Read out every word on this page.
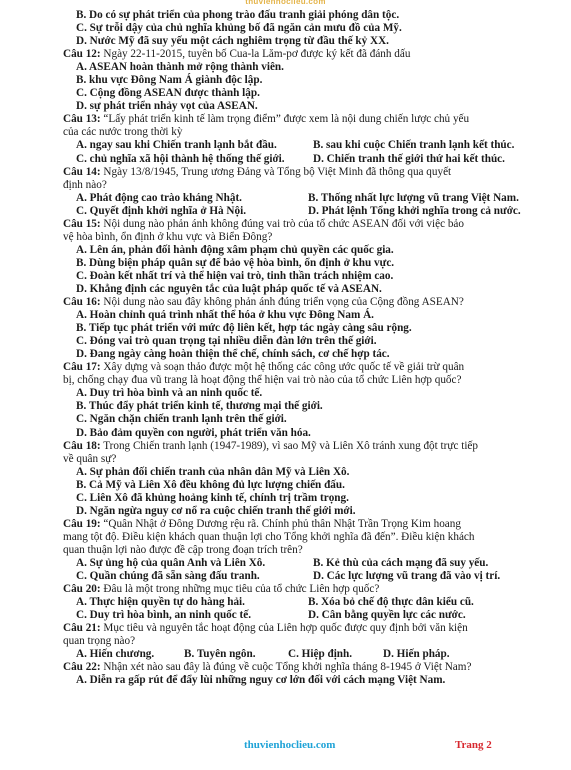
thuvienhoclieu.com
B. Do có sự phát triển của phong trào đấu tranh giải phóng dân tộc.
C. Sự trỗi dậy của chủ nghĩa khủng bố đã ngăn cản mưu đồ của Mỹ.
D. Nước Mỹ đã suy yếu một cách nghiêm trọng từ đầu thế kỷ XX.
Câu 12: Ngày 22-11-2015, tuyên bố Cua-la Lăm-pơ được ký kết đã đánh dấu
A. ASEAN hoàn thành mở rộng thành viên.
B. khu vực Đông Nam Á giành độc lập.
C. Cộng đồng ASEAN được thành lập.
D. sự phát triển nhảy vọt của ASEAN.
Câu 13: “Lấy phát triển kinh tế làm trọng điểm” được xem là nội dung chiến lược chủ yếu
của các nước trong thời kỳ
A. ngay sau khi Chiến tranh lạnh bắt đầu.	B. sau khi cuộc Chiến tranh lạnh kết thúc.
C. chủ nghĩa xã hội thành hệ thống thế giới.	D. Chiến tranh thế giới thứ hai kết thúc.
Câu 14: Ngày 13/8/1945, Trung ương Đảng và Tổng bộ Việt Minh đã thông qua quyết
định nào?
A. Phát động cao trào kháng Nhật.	B. Thống nhất lực lượng vũ trang Việt Nam.
C. Quyết định khởi nghĩa ở Hà Nội.	D. Phát lệnh Tổng khởi nghĩa trong cả nước.
Câu 15: Nội dung nào phản ánh không đúng vai trò của tổ chức ASEAN đối với việc bảo
vệ hòa bình, ổn định ở khu vực và Biển Đông?
A. Lên án, phản đối hành động xâm phạm chủ quyền các quốc gia.
B. Dùng biện pháp quân sự để bảo vệ hòa bình, ổn định ở khu vực.
C. Đoàn kết nhất trí và thể hiện vai trò, tinh thần trách nhiệm cao.
D. Khẳng định các nguyên tắc của luật pháp quốc tế và ASEAN.
Câu 16: Nội dung nào sau đây không phản ánh đúng triển vọng của Cộng đồng ASEAN?
A. Hoàn chỉnh quá trình nhất thể hóa ở khu vực Đông Nam Á.
B. Tiếp tục phát triển với mức độ liên kết, hợp tác ngày càng sâu rộng.
C. Đóng vai trò quan trọng tại nhiều diễn đàn lớn trên thế giới.
D. Đang ngày càng hoàn thiện thể chế, chính sách, cơ chế hợp tác.
Câu 17: Xây dựng và soạn thảo được một hệ thống các công ước quốc tế về giải trừ quân
bị, chống chạy đua vũ trang là hoạt động thể hiện vai trò nào của tổ chức Liên hợp quốc?
A. Duy trì hòa bình và an ninh quốc tế.
B. Thúc đẩy phát triển kinh tế, thương mại thế giới.
C. Ngăn chặn chiến tranh lạnh trên thế giới.
D. Bảo đảm quyền con người, phát triển văn hóa.
Câu 18: Trong Chiến tranh lạnh (1947-1989), vì sao Mỹ và Liên Xô tránh xung đột trực tiếp
về quân sự?
A. Sự phản đối chiến tranh của nhân dân Mỹ và Liên Xô.
B. Cả Mỹ và Liên Xô đều không đủ lực lượng chiến đấu.
C. Liên Xô đã khủng hoảng kinh tế, chính trị trầm trọng.
D. Ngăn ngừa nguy cơ nổ ra cuộc chiến tranh thế giới mới.
Câu 19: “Quân Nhật ở Đông Dương rệu rã. Chính phủ thân Nhật Trần Trọng Kim hoang
mang tột độ. Điều kiện khách quan thuận lợi cho Tổng khởi nghĩa đã đến”. Điều kiện khách
quan thuận lợi nào được đề cập trong đoạn trích trên?
A. Sự ủng hộ của quân Anh và Liên Xô.	B. Kẻ thù của cách mạng đã suy yếu.
C. Quần chúng đã sẵn sàng đấu tranh.	D. Các lực lượng vũ trang đã vào vị trí.
Câu 20: Đâu là một trong những mục tiêu của tổ chức Liên hợp quốc?
A. Thực hiện quyền tự do hàng hải.	B. Xóa bỏ chế độ thực dân kiểu cũ.
C. Duy trì hòa bình, an ninh quốc tế.	D. Cân bằng quyền lực các nước.
Câu 21: Mục tiêu và nguyên tắc hoạt động của Liên hợp quốc được quy định bởi văn kiện
quan trọng nào?
A. Hiến chương.	B. Tuyên ngôn.	C. Hiệp định.	D. Hiến pháp.
Câu 22: Nhận xét nào sau đây là đúng về cuộc Tổng khởi nghĩa tháng 8-1945 ở Việt Nam?
A. Diễn ra gấp rút để đẩy lùi những nguy cơ lớn đối với cách mạng Việt Nam.
thuvienhoclieu.com	Trang 2
